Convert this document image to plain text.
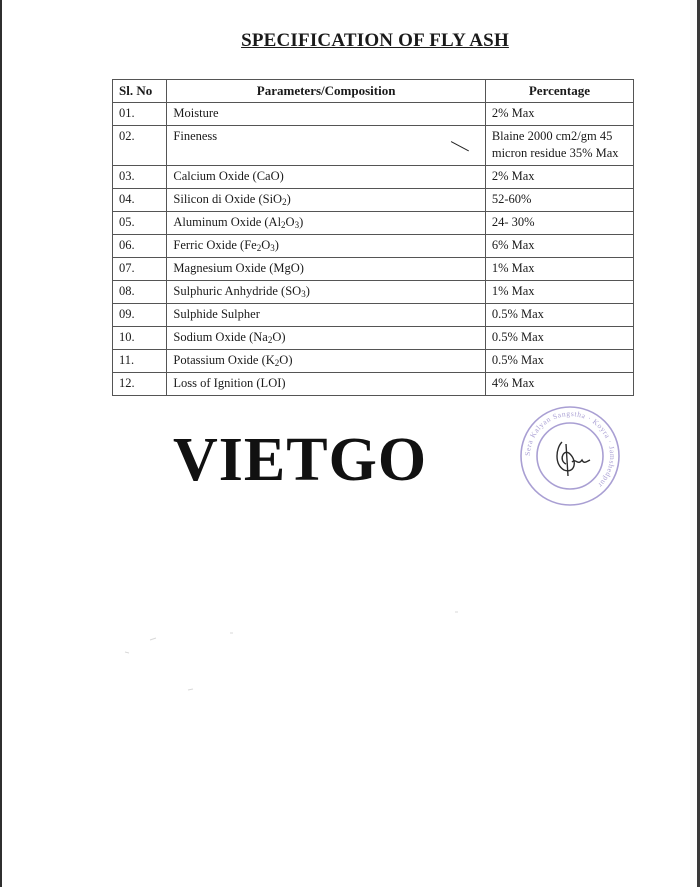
SPECIFICATION OF FLY ASH
Sl. No	Parameters/Composition	Percentage
01.	Moisture	2% Max
02.	Fineness	Blaine 2000 cm2/gm 45
micron residue 35% Max

03.	Calcium Oxide (CaO)	2% Max
04.	Silicon di Oxide (SiO$_2$)	52-60%
05.	Aluminum Oxide $(Al_2O_3)$	24- 30%
06.	Ferric Oxide $(Fe_2O_3)$	6% Max
07.	Magnesium Oxide (MgO)	1% Max
08.	Sulphuric Anhydride $(SO_3)$	1% Max
09.	Sulphide Sulpher	0.5% Max
10.	Sodium Oxide $(Na_2O)$	0.5% Max
11.	Potassium Oxide $(K_2O)$	0.5% Max
12.	Loss of Ignition (LOI)	4% Max
VIETGO	Sera Kalyan Sangstha · Koyra · Jamshedpur
